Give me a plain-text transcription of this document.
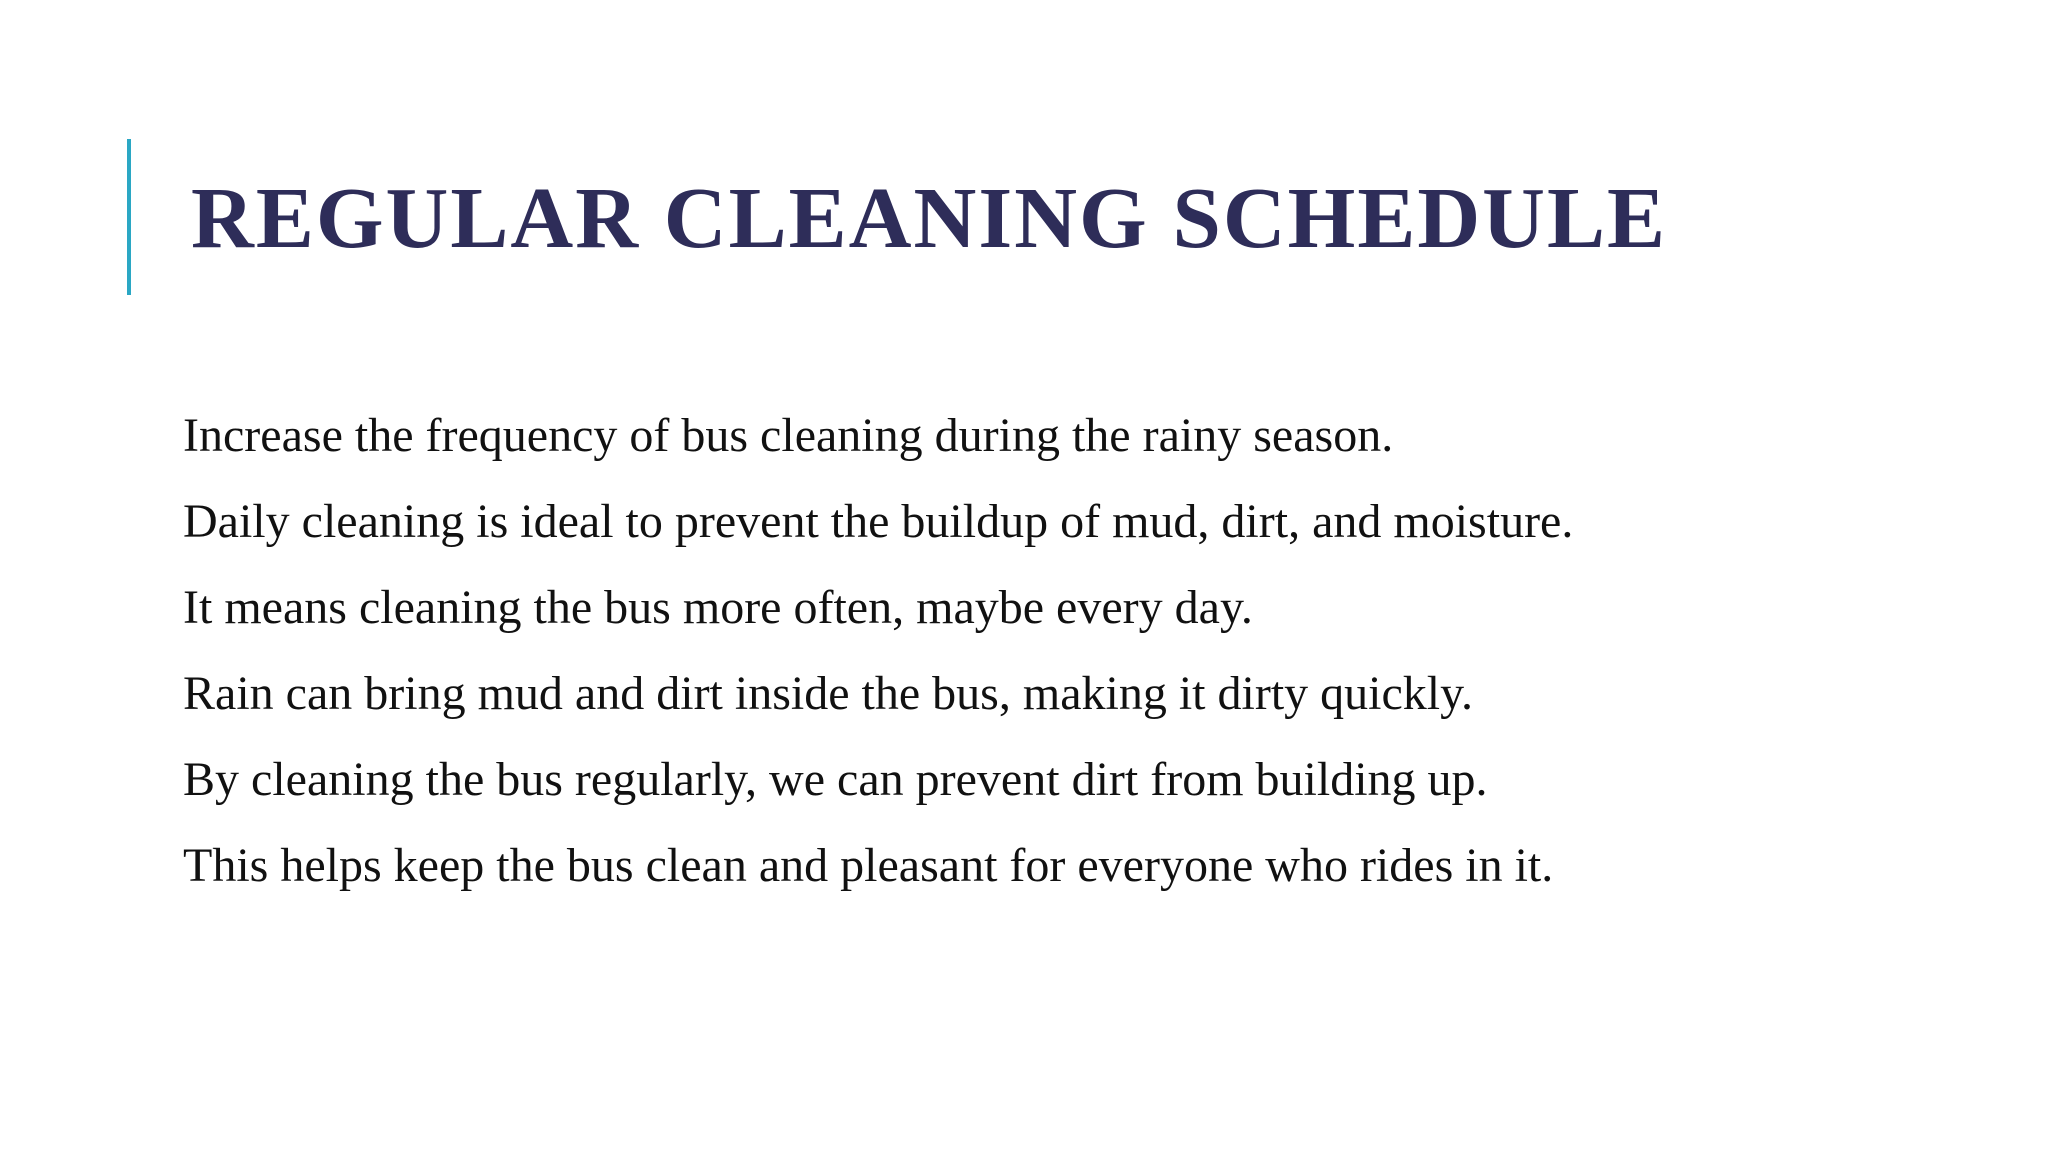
REGULAR CLEANING SCHEDULE
Increase the frequency of bus cleaning during the rainy season.
Daily cleaning is ideal to prevent the buildup of mud, dirt, and moisture.
It means cleaning the bus more often, maybe every day.
Rain can bring mud and dirt inside the bus, making it dirty quickly.
By cleaning the bus regularly, we can prevent dirt from building up.
This helps keep the bus clean and pleasant for everyone who rides in it.
